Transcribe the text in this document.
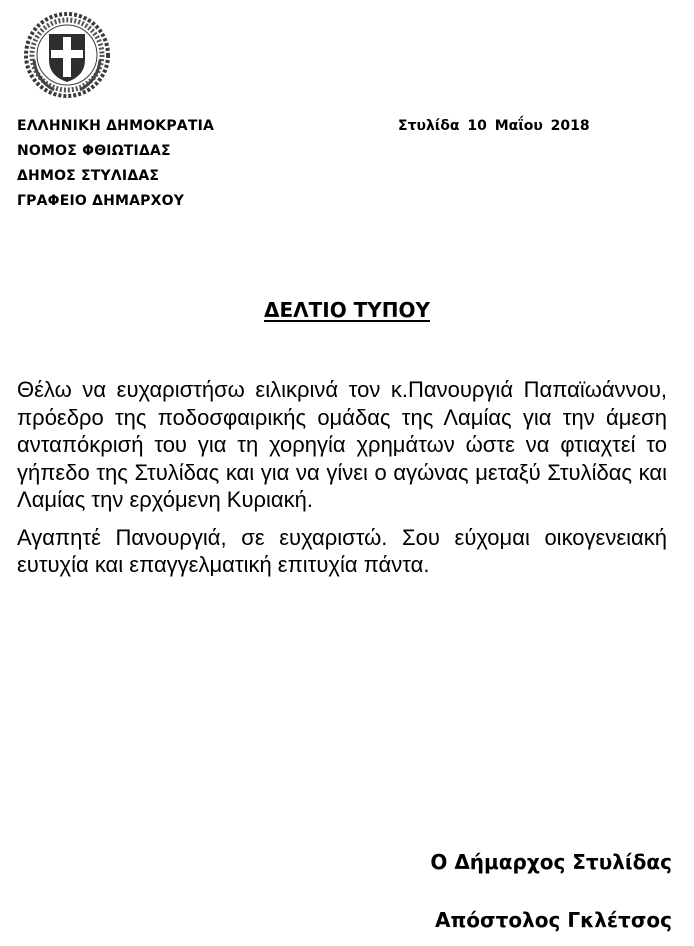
ΕΛΛΗΝΙΚΗ ΔΗΜΟΚΡΑΤΙΑ
ΝΟΜΟΣ ΦΘΙΩΤΙΔΑΣ
ΔΗΜΟΣ ΣΤΥΛΙΔΑΣ
ΓΡΑΦΕΙΟ ΔΗΜΑΡΧΟΥ
Στυλίδα 10 Μαΐου 2018
ΔΕΛΤΙΟ ΤΥΠΟΥ

Θέλω να ευχαριστήσω ειλικρινά τον κ.Πανουργιά Παπαϊωάννου, πρόεδρο της ποδοσφαιρικής ομάδας της Λαμίας για την άμεση ανταπόκρισή του για τη χορηγία χρημάτων ώστε να φτιαχτεί το γήπεδο της Στυλίδας και για να γίνει ο αγώνας μεταξύ Στυλίδας και Λαμίας την ερχόμενη Κυριακή.

Αγαπητέ Πανουργιά, σε ευχαριστώ. Σου εύχομαι οικογενειακή ευτυχία και επαγγελματική επιτυχία πάντα.

Ο Δήμαρχος Στυλίδας
Απόστολος Γκλέτσος
